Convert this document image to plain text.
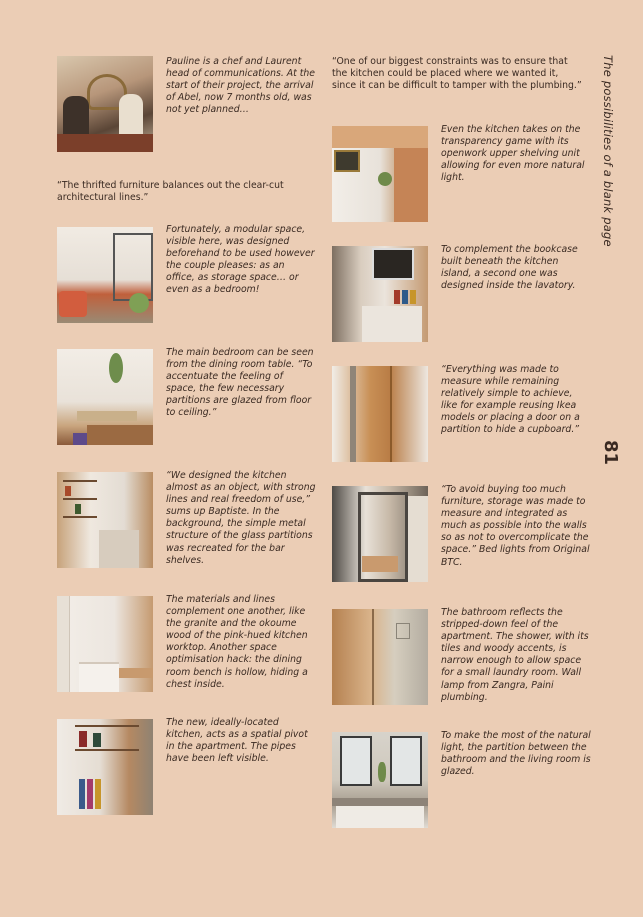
Pauline is a chef and Laurent head of communications. At the start of their project, the arrival of Abel, now 7 months old, was not yet planned…

“The thrifted furniture balances out the clear-cut architectural lines.”

Fortunately, a modular space, visible here, was designed beforehand to be used however the couple pleases: as an office, as storage space… or even as a bedroom!

The main bedroom can be seen from the dining room table. “To accentuate the feeling of space, the few necessary partitions are glazed from floor to ceiling.”

“We designed the kitchen almost as an object, with strong lines and real freedom of use,” sums up Baptiste. In the background, the simple metal structure of the glass partitions was recreated for the bar shelves.

The materials and lines complement one another, like the granite and the okoume wood of the pink-hued kitchen worktop. Another space optimisation hack: the dining room bench is hollow, hiding a chest inside.

The new, ideally-located kitchen, acts as a spatial pivot in the apartment. The pipes have been left visible.

“One of our biggest constraints was to ensure that the kitchen could be placed where we wanted it, since it can be difficult to tamper with the plumbing.”

Even the kitchen takes on the transparency game with its openwork upper shelving unit allowing for even more natural light.

To complement the bookcase built beneath the kitchen island, a second one was designed inside the lavatory.

“Everything was made to measure while remaining relatively simple to achieve, like for example reusing Ikea models or placing a door on a partition to hide a cupboard.”

“To avoid buying too much furniture, storage was made to measure and integrated as much as possible into the walls so as not to overcomplicate the space.” Bed lights from Original BTC.

The bathroom reflects the stripped-down feel of the apartment. The shower, with its tiles and woody accents, is narrow enough to allow space for a small laundry room. Wall lamp from Zangra, Paini plumbing.

To make the most of the natural light, the partition between the bathroom and the living room is glazed.

The possibilities of a blank page
81
